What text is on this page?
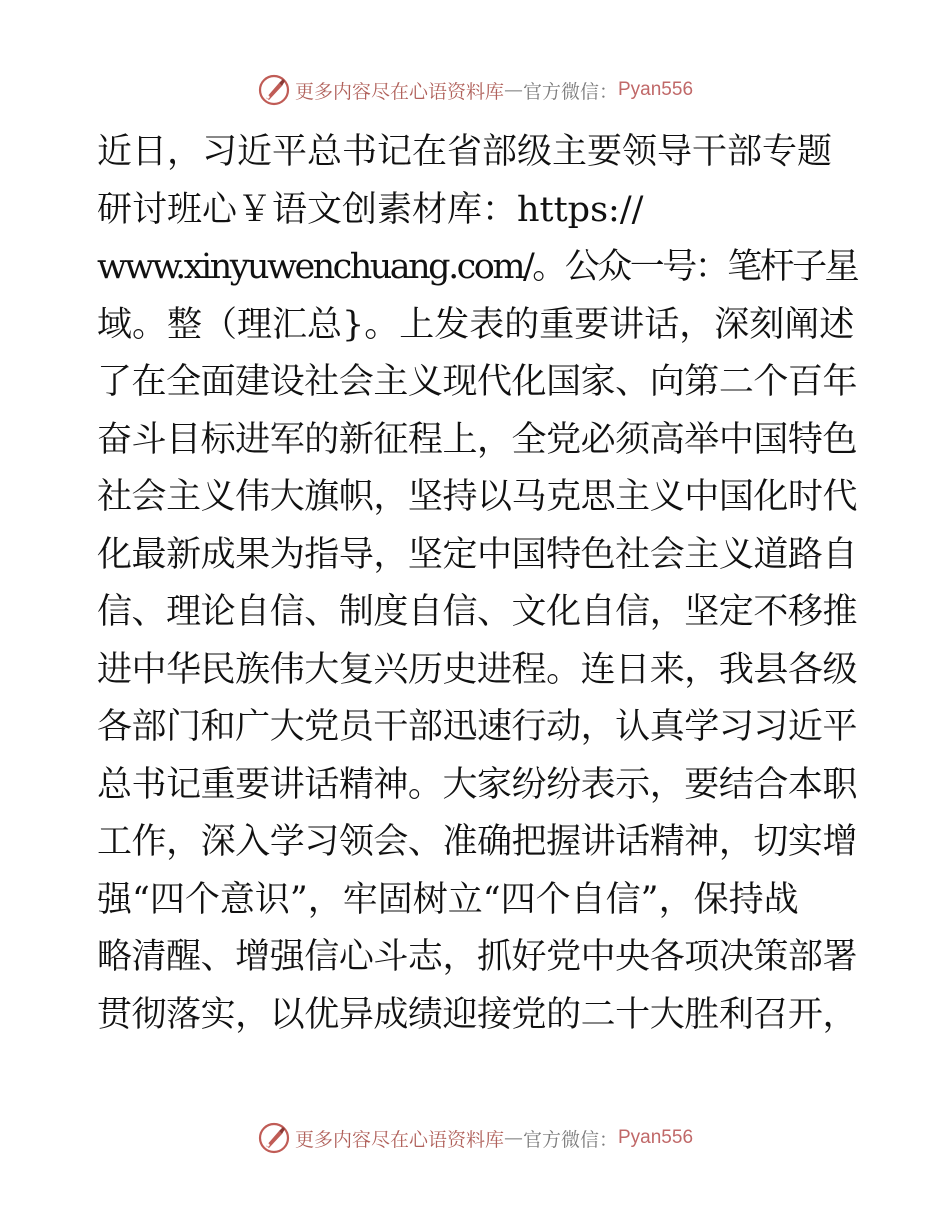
更多内容尽在心语资料库 — 官方微信： Pyan556
近日，习近平总书记在省部级主要领导干部专题
研讨班心￥语文创素材库：https://
www.xinyuwenchuang.com/。公众一号：笔杆子星
域。整（理汇总}。上发表的重要讲话，深刻阐述
了在全面建设社会主义现代化国家、向第二个百年
奋斗目标进军的新征程上，全党必须高举中国特色
社会主义伟大旗帜，坚持以马克思主义中国化时代
化最新成果为指导，坚定中国特色社会主义道路自
信、理论自信、制度自信、文化自信，坚定不移推
进中华民族伟大复兴历史进程。连日来，我县各级
各部门和广大党员干部迅速行动，认真学习习近平
总书记重要讲话精神。大家纷纷表示，要结合本职
工作，深入学习领会、准确把握讲话精神，切实增
强“四个意识”，牢固树立“四个自信”，保持战
略清醒、增强信心斗志，抓好党中央各项决策部署
贯彻落实，以优异成绩迎接党的二十大胜利召开，
更多内容尽在心语资料库 — 官方微信： Pyan556
